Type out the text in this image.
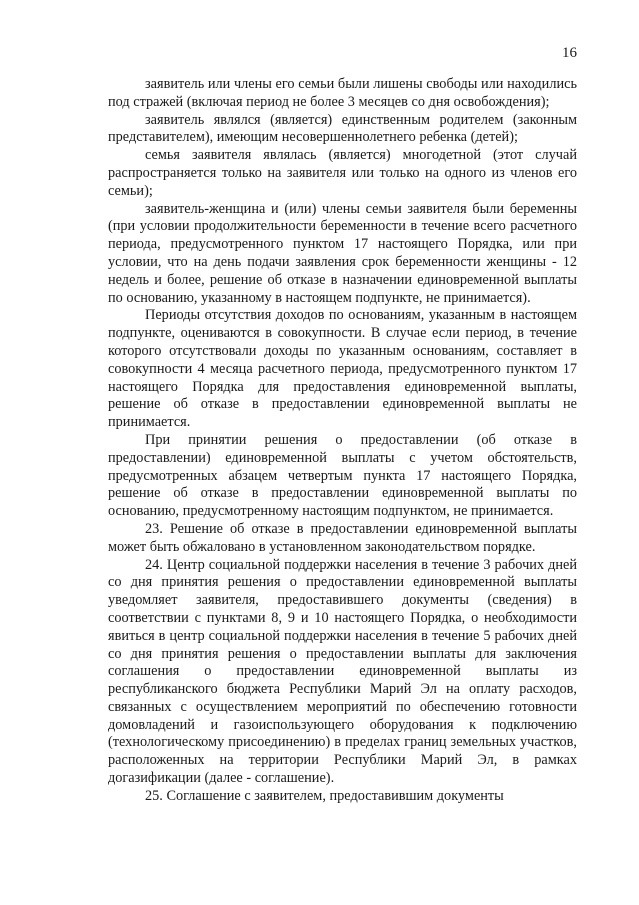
16

заявитель или члены его семьи были лишены свободы или находились под стражей (включая период не более 3 месяцев со дня освобождения);

заявитель являлся (является) единственным родителем (законным представителем), имеющим несовершеннолетнего ребенка (детей);

семья заявителя являлась (является) многодетной (этот случай распространяется только на заявителя или только на одного из членов его семьи);

заявитель-женщина и (или) члены семьи заявителя были беременны (при условии продолжительности беременности в течение всего расчетного периода, предусмотренного пунктом 17 настоящего Порядка, или при условии, что на день подачи заявления срок беременности женщины - 12 недель и более, решение об отказе в назначении единовременной выплаты по основанию, указанному в настоящем подпункте, не принимается).

Периоды отсутствия доходов по основаниям, указанным в настоящем подпункте, оцениваются в совокупности. В случае если период, в течение которого отсутствовали доходы по указанным основаниям, составляет в совокупности 4 месяца расчетного периода, предусмотренного пунктом 17 настоящего Порядка для предоставления единовременной выплаты, решение об отказе в предоставлении единовременной выплаты не принимается.

При принятии решения о предоставлении (об отказе в предоставлении) единовременной выплаты с учетом обстоятельств, предусмотренных абзацем четвертым пункта 17 настоящего Порядка, решение об отказе в предоставлении единовременной выплаты по основанию, предусмотренному настоящим подпунктом, не принимается.

23. Решение об отказе в предоставлении единовременной выплаты может быть обжаловано в установленном законодательством порядке.

24. Центр социальной поддержки населения в течение 3 рабочих дней со дня принятия решения о предоставлении единовременной выплаты уведомляет заявителя, предоставившего документы (сведения) в соответствии с пунктами 8, 9 и 10 настоящего Порядка, о необходимости явиться в центр социальной поддержки населения в течение 5 рабочих дней со дня принятия решения о предоставлении выплаты для заключения соглашения о предоставлении единовременной выплаты из республиканского бюджета Республики Марий Эл на оплату расходов, связанных с осуществлением мероприятий по обеспечению готовности домовладений и газоиспользующего оборудования к подключению (технологическому присоединению) в пределах границ земельных участков, расположенных на территории Республики Марий Эл, в рамках догазификации (далее - соглашение).

25. Соглашение с заявителем, предоставившим документы
